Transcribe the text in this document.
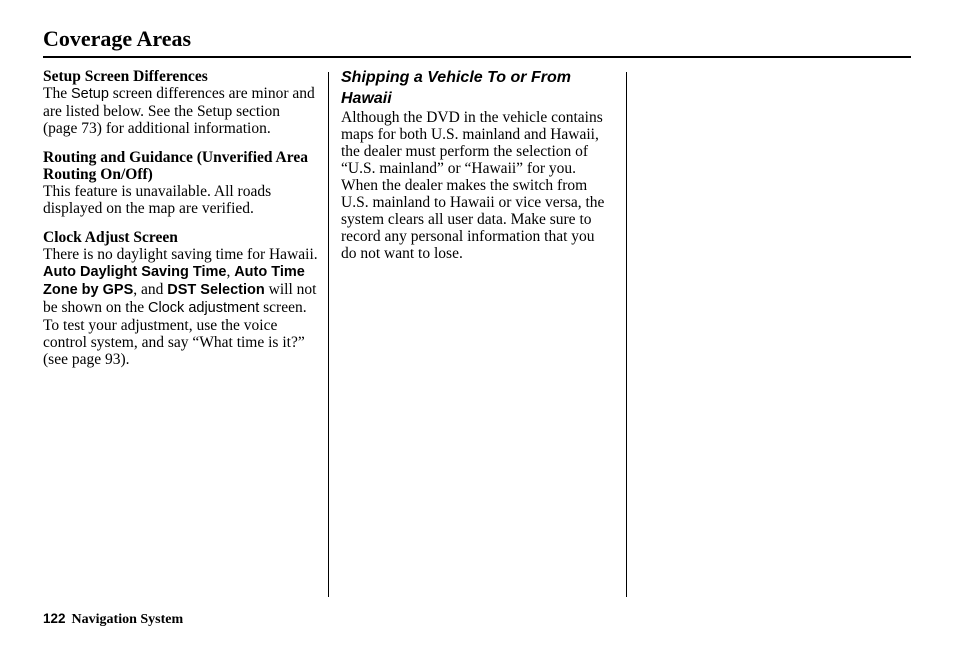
Coverage Areas
Setup Screen Differences
The Setup screen differences are minor and are listed below. See the Setup section (page 73) for additional information.
Routing and Guidance (Unverified Area Routing On/Off)
This feature is unavailable. All roads displayed on the map are verified.
Clock Adjust Screen
There is no daylight saving time for Hawaii. Auto Daylight Saving Time, Auto Time Zone by GPS, and DST Selection will not be shown on the Clock adjustment screen. To test your adjustment, use the voice control system, and say “What time is it?” (see page 93).
Shipping a Vehicle To or From Hawaii
Although the DVD in the vehicle contains maps for both U.S. mainland and Hawaii, the dealer must perform the selection of “U.S. mainland” or “Hawaii” for you. When the dealer makes the switch from U.S. mainland to Hawaii or vice versa, the system clears all user data. Make sure to record any personal information that you do not want to lose.
122 Navigation System
